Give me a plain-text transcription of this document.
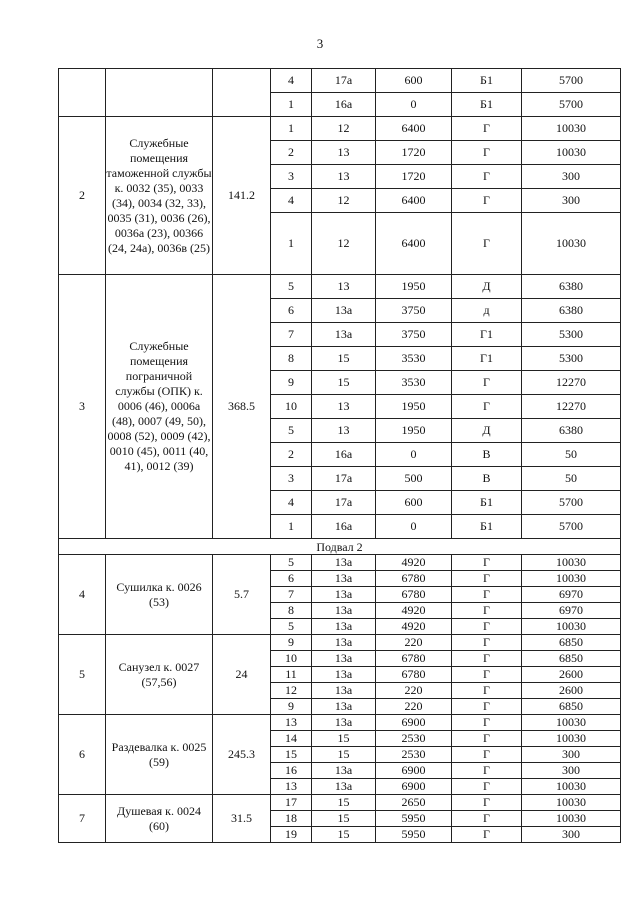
3
			4	17а	600	Б1	5700
			1	16а	0	Б1	5700
2	Служебные помещения таможенной службы к. 0032 (35), 0033 (34), 0034 (32, 33), 0035 (31), 0036 (26), 0036а (23), 00366 (24, 24а), 0036в (25)	141.2	1	12	6400	Г	10030
			2	13	1720	Г	10030
			3	13	1720	Г	300
			4	12	6400	Г	300
			1	12	6400	Г	10030
3	Служебные помещения пограничной службы (ОПК) к. 0006 (46), 0006а (48), 0007 (49, 50), 0008 (52), 0009 (42), 0010 (45), 0011 (40, 41), 0012 (39)	368.5	5	13	1950	Д	6380
			6	13а	3750	д	6380
			7	13а	3750	Г1	5300
			8	15	3530	Г1	5300
			9	15	3530	Г	12270
			10	13	1950	Г	12270
			5	13	1950	Д	6380
			2	16а	0	В	50
			3	17а	500	В	50
			4	17а	600	Б1	5700
			1	16а	0	Б1	5700
Подвал 2							
4	Сушилка к. 0026 (53)	5.7	5	13а	4920	Г	10030
			6	13а	6780	Г	10030
			7	13а	6780	Г	6970
			8	13а	4920	Г	6970
			5	13а	4920	Г	10030
5	Санузел к. 0027 (57,56)	24	9	13а	220	Г	6850
			10	13а	6780	Г	6850
			11	13а	6780	Г	2600
			12	13а	220	Г	2600
			9	13а	220	Г	6850
6	Раздевалка к. 0025 (59)	245.3	13	13а	6900	Г	10030
			14	15	2530	Г	10030
			15	15	2530	Г	300
			16	13а	6900	Г	300
			13	13а	6900	Г	10030
7	Душевая к. 0024 (60)	31.5	17	15	2650	Г	10030
			18	15	5950	Г	10030
			19	15	5950	Г	300
